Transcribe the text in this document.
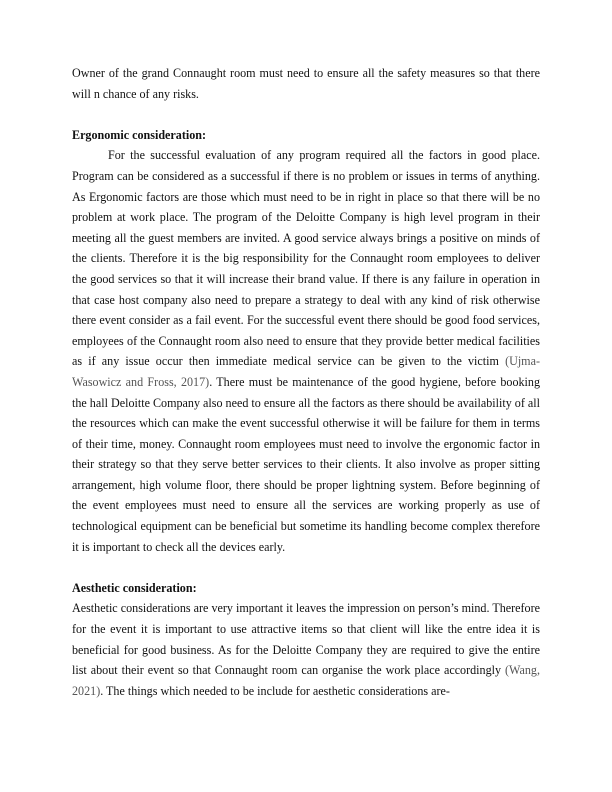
Owner of the grand Connaught room must need to ensure all the safety measures so that there will n chance of any risks.

Ergonomic consideration:

For the successful evaluation of any program required all the factors in good place. Program can be considered as a successful if there is no problem or issues in terms of anything. As Ergonomic factors are those which must need to be in right in place so that there will be no problem at work place. The program of the Deloitte Company is high level program in their meeting all the guest members are invited. A good service always brings a positive on minds of the clients. Therefore it is the big responsibility for the Connaught room employees to deliver the good services so that it will increase their brand value. If there is any failure in operation in that case host company also need to prepare a strategy to deal with any kind of risk otherwise there event consider as a fail event. For the successful event there should be good food services, employees of the Connaught room also need to ensure that they provide better medical facilities as if any issue occur then immediate medical service can be given to the victim (Ujma-Wasowicz and Fross, 2017). There must be maintenance of the good hygiene, before booking the hall Deloitte Company also need to ensure all the factors as there should be availability of all the resources which can make the event successful otherwise it will be failure for them in terms of their time, money. Connaught room employees must need to involve the ergonomic factor in their strategy so that they serve better services to their clients. It also involve as proper sitting arrangement, high volume floor, there should be proper lightning system. Before beginning of the event employees must need to ensure all the services are working properly as use of technological equipment can be beneficial but sometime its handling become complex therefore it is important to check all the devices early.

Aesthetic consideration:

Aesthetic considerations are very important it leaves the impression on person’s mind. Therefore for the event it is important to use attractive items so that client will like the entre idea it is beneficial for good business. As for the Deloitte Company they are required to give the entire list about their event so that Connaught room can organise the work place accordingly (Wang, 2021). The things which needed to be include for aesthetic considerations are-
